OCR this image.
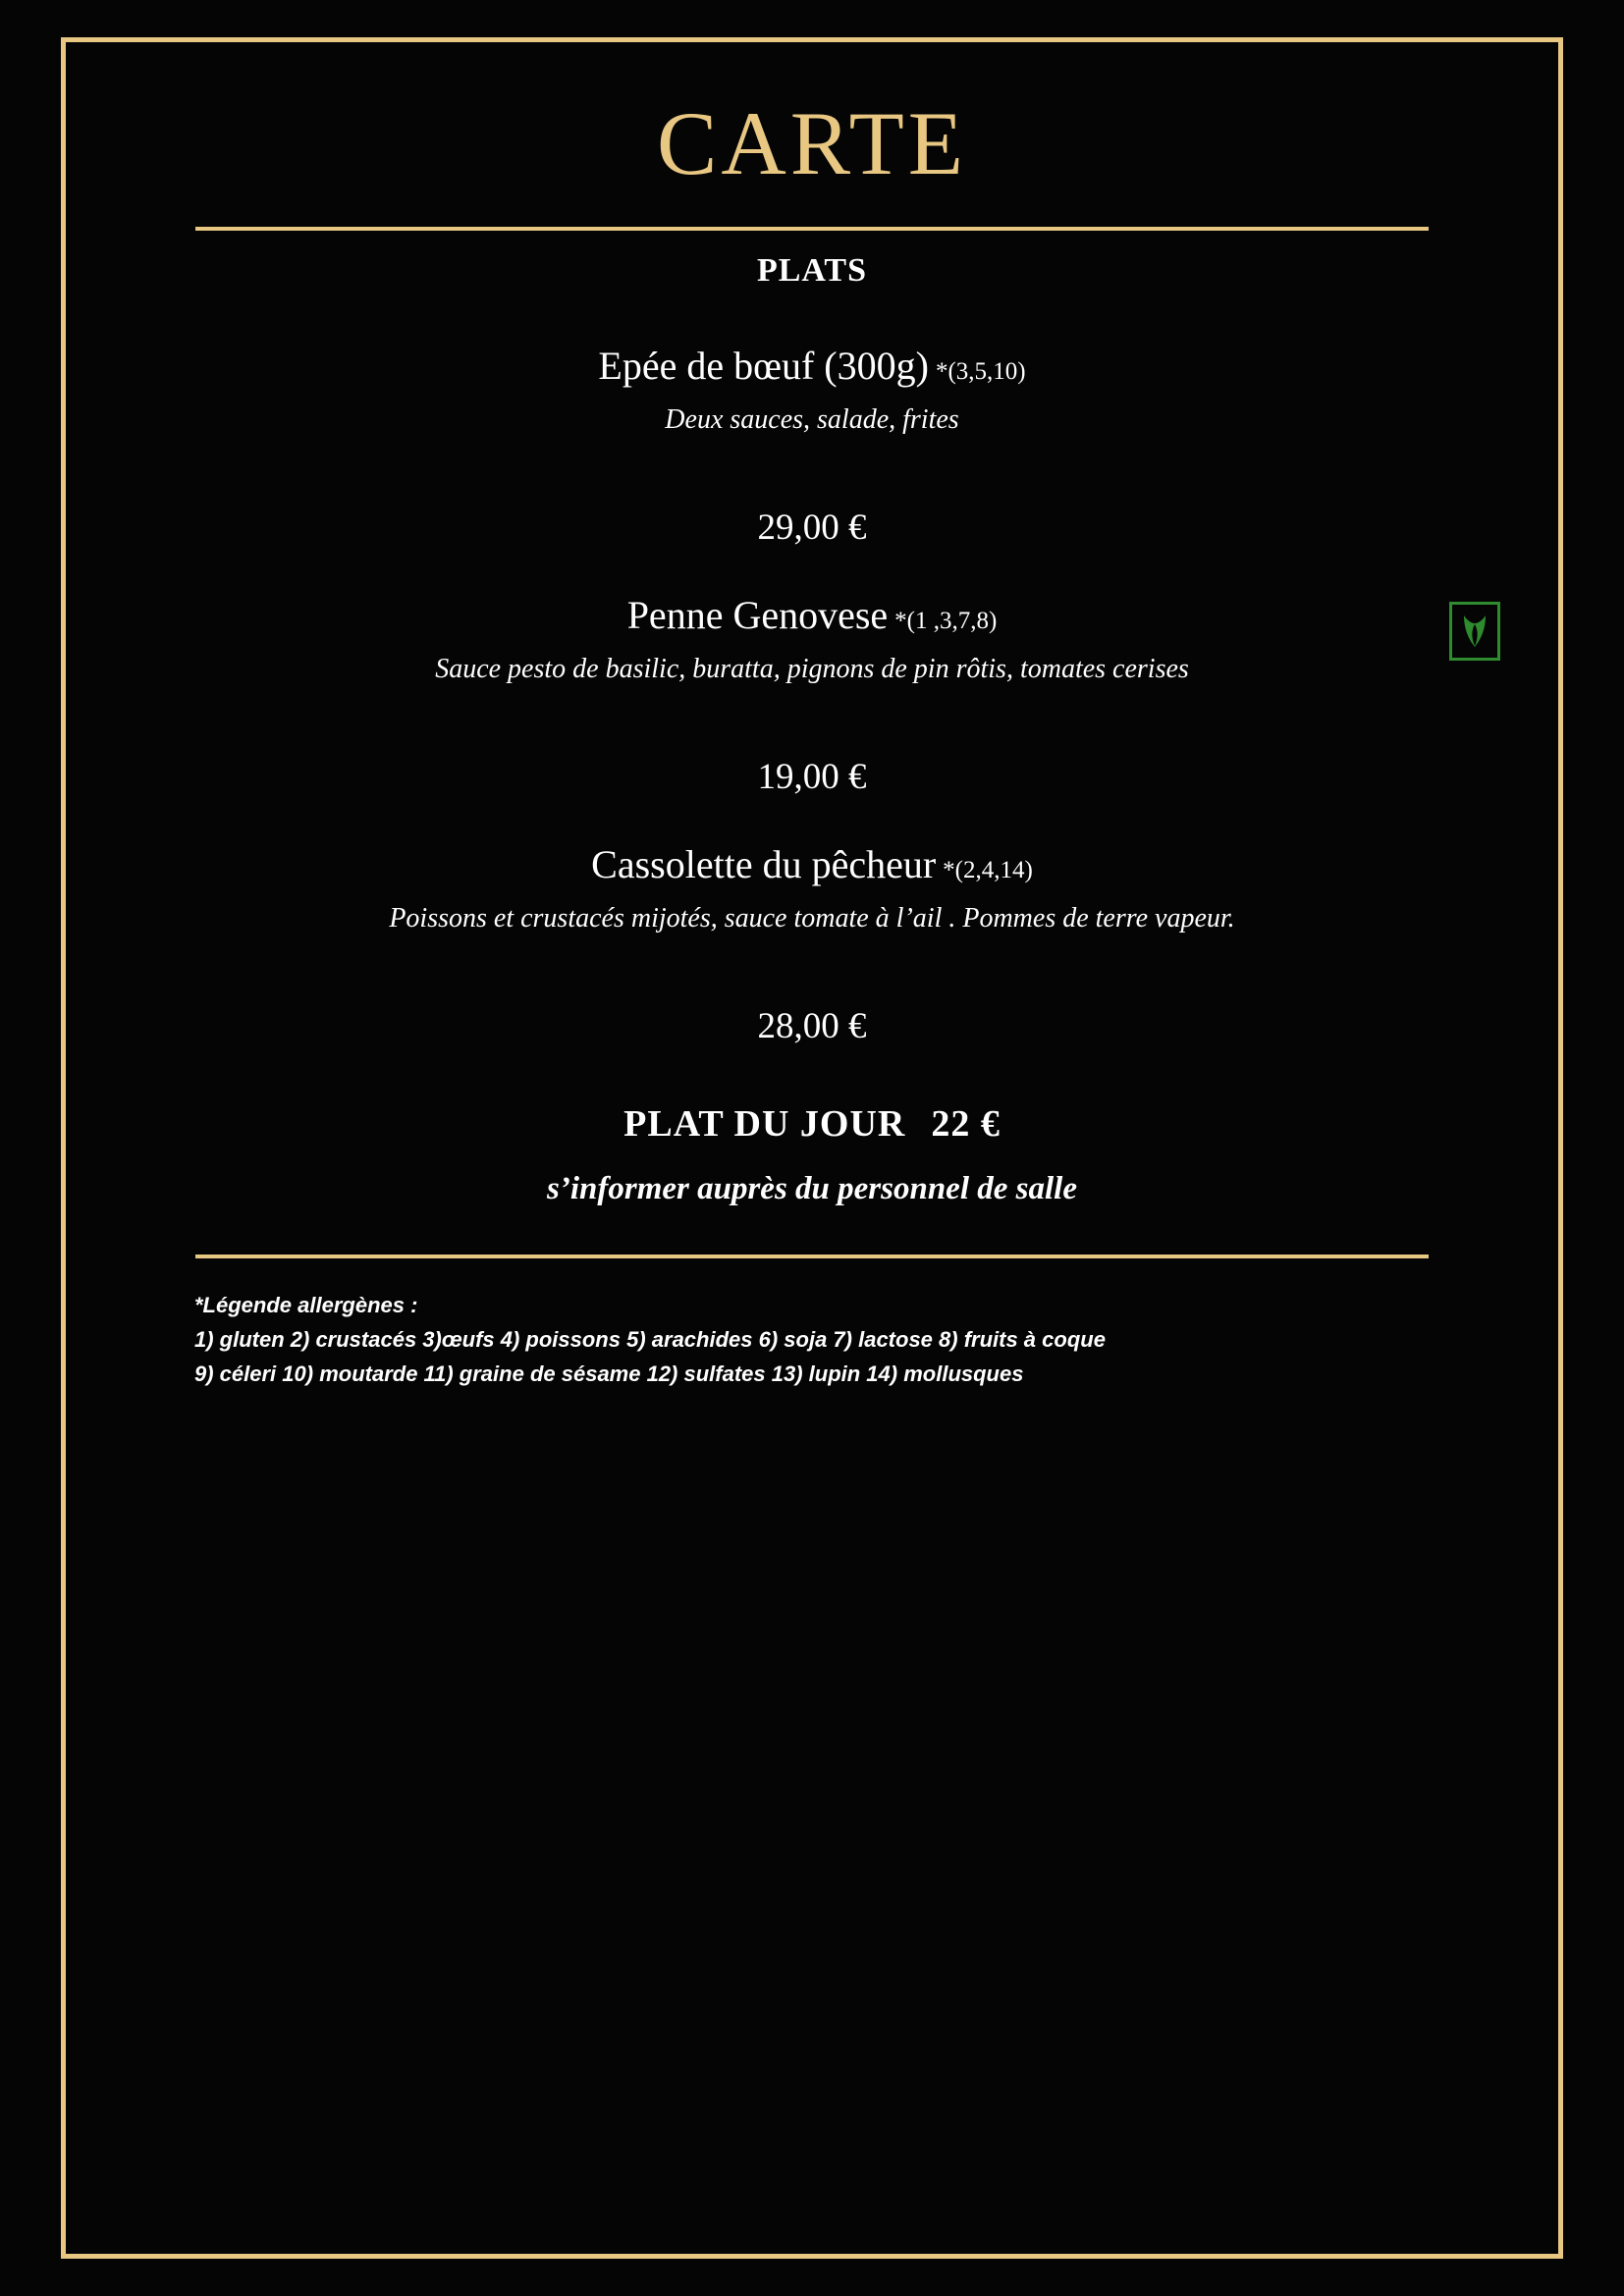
CARTE
PLATS
Epée de bœuf (300g) *(3,5,10)
Deux sauces, salade, frites
29,00 €
Penne Genovese *(1 ,3,7,8)
Sauce pesto de basilic, buratta, pignons de pin rôtis, tomates cerises
19,00 €
Cassolette du pêcheur *(2,4,14)
Poissons et crustacés mijotés, sauce tomate à l’ail . Pommes de terre vapeur.
28,00 €
PLAT DU JOUR 22 €
s’informer auprès du personnel de salle
*Légende allergènes :
1) gluten 2) crustacés 3)œufs 4) poissons 5) arachides 6) soja 7) lactose 8) fruits à coque
9) céleri 10) moutarde 11) graine de sésame 12) sulfates 13) lupin 14) mollusques
